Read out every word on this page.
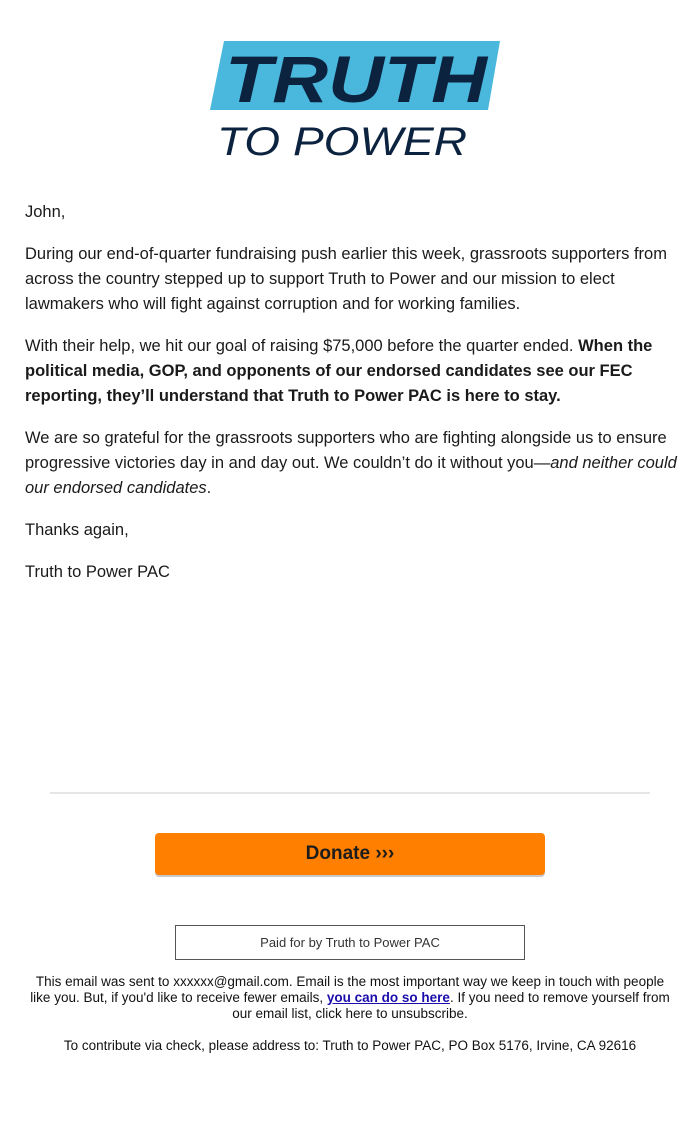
TRUTH
TO POWER

John,

During our end-of-quarter fundraising push earlier this week, grassroots supporters from across the country stepped up to support Truth to Power and our mission to elect lawmakers who will fight against corruption and for working families.

With their help, we hit our goal of raising $75,000 before the quarter ended. When the political media, GOP, and opponents of our endorsed candidates see our FEC reporting, they’ll understand that Truth to Power PAC is here to stay.

We are so grateful for the grassroots supporters who are fighting alongside us to ensure progressive victories day in and day out. We couldn’t do it without you—and neither could our endorsed candidates.

Thanks again,

Truth to Power PAC

Donate ›››
Paid for by Truth to Power PAC

This email was sent to xxxxxx@gmail.com. Email is the most important way we keep in touch with people like you. But, if you'd like to receive fewer emails, you can do so here. If you need to remove yourself from our email list, click here to unsubscribe.

To contribute via check, please address to: Truth to Power PAC, PO Box 5176, Irvine, CA 92616
